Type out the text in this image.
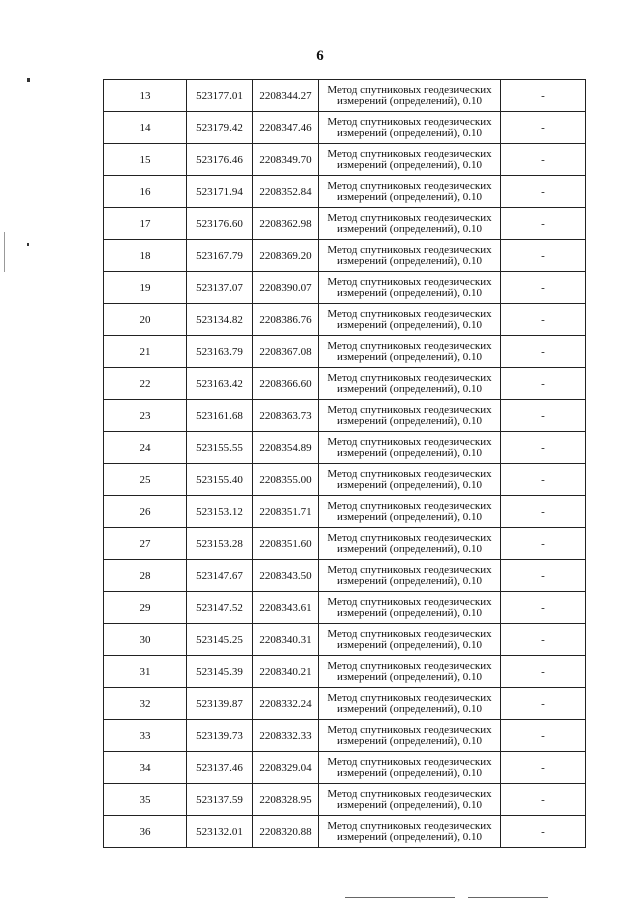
6
13	523177.01	2208344.27	Метод спутниковых геодезических
измерений (определений), 0.10	-
14	523179.42	2208347.46	Метод спутниковых геодезических
измерений (определений), 0.10	-
15	523176.46	2208349.70	Метод спутниковых геодезических
измерений (определений), 0.10	-
16	523171.94	2208352.84	Метод спутниковых геодезических
измерений (определений), 0.10	-
17	523176.60	2208362.98	Метод спутниковых геодезических
измерений (определений), 0.10	-
18	523167.79	2208369.20	Метод спутниковых геодезических
измерений (определений), 0.10	-
19	523137.07	2208390.07	Метод спутниковых геодезических
измерений (определений), 0.10	-
20	523134.82	2208386.76	Метод спутниковых геодезических
измерений (определений), 0.10	-
21	523163.79	2208367.08	Метод спутниковых геодезических
измерений (определений), 0.10	-
22	523163.42	2208366.60	Метод спутниковых геодезических
измерений (определений), 0.10	-
23	523161.68	2208363.73	Метод спутниковых геодезических
измерений (определений), 0.10	-
24	523155.55	2208354.89	Метод спутниковых геодезических
измерений (определений), 0.10	-
25	523155.40	2208355.00	Метод спутниковых геодезических
измерений (определений), 0.10	-
26	523153.12	2208351.71	Метод спутниковых геодезических
измерений (определений), 0.10	-
27	523153.28	2208351.60	Метод спутниковых геодезических
измерений (определений), 0.10	-
28	523147.67	2208343.50	Метод спутниковых геодезических
измерений (определений), 0.10	-
29	523147.52	2208343.61	Метод спутниковых геодезических
измерений (определений), 0.10	-
30	523145.25	2208340.31	Метод спутниковых геодезических
измерений (определений), 0.10	-
31	523145.39	2208340.21	Метод спутниковых геодезических
измерений (определений), 0.10	-
32	523139.87	2208332.24	Метод спутниковых геодезических
измерений (определений), 0.10	-
33	523139.73	2208332.33	Метод спутниковых геодезических
измерений (определений), 0.10	-
34	523137.46	2208329.04	Метод спутниковых геодезических
измерений (определений), 0.10	-
35	523137.59	2208328.95	Метод спутниковых геодезических
измерений (определений), 0.10	-
36	523132.01	2208320.88	Метод спутниковых геодезических
измерений (определений), 0.10	-
